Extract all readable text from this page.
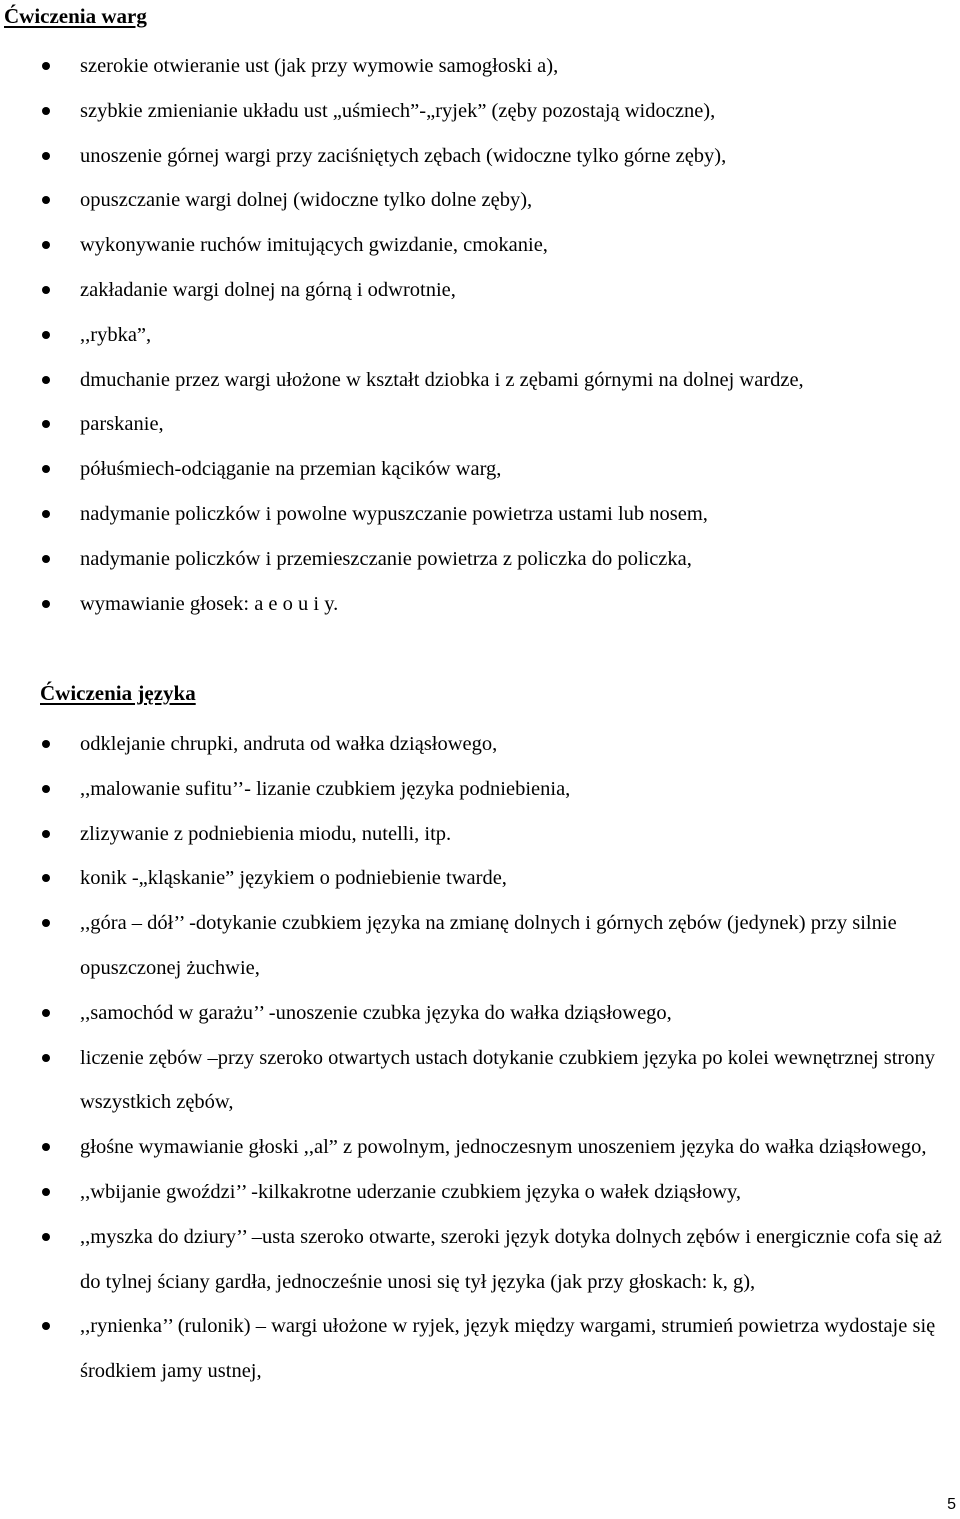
Ćwiczenia warg
szerokie otwieranie ust (jak przy wymowie samogłoski a),
szybkie zmienianie układu ust „uśmiech”-„ryjek” (zęby pozostają widoczne),
unoszenie górnej wargi przy zaciśniętych zębach (widoczne tylko górne zęby),
opuszczanie wargi dolnej (widoczne tylko dolne zęby),
wykonywanie ruchów imitujących gwizdanie, cmokanie,
zakładanie wargi dolnej na górną i odwrotnie,
,,rybka”,
dmuchanie przez wargi ułożone w kształt dziobka i z zębami górnymi na dolnej wardze,
parskanie,
półuśmiech-odciąganie na przemian kącików warg,
nadymanie policzków i powolne wypuszczanie powietrza ustami lub nosem,
nadymanie policzków i przemieszczanie powietrza z policzka do policzka,
wymawianie głosek: a e o u i y.
Ćwiczenia języka
odklejanie chrupki, andruta od wałka dziąsłowego,
,,malowanie sufitu’’- lizanie czubkiem języka podniebienia,
zlizywanie z podniebienia miodu, nutelli, itp.
konik -„kląskanie” językiem o podniebienie twarde,
,,góra – dół’’ -dotykanie czubkiem języka na zmianę dolnych i górnych zębów (jedynek) przy silnie opuszczonej żuchwie,
,,samochód w garażu’’ -unoszenie czubka języka do wałka dziąsłowego,
liczenie zębów –przy szeroko otwartych ustach dotykanie czubkiem języka po kolei wewnętrznej strony wszystkich zębów,
głośne wymawianie głoski ,,al” z powolnym, jednoczesnym unoszeniem języka do wałka dziąsłowego,
,,wbijanie gwoździ’’ -kilkakrotne uderzanie czubkiem języka o wałek dziąsłowy,
,,myszka do dziury’’ –usta szeroko otwarte, szeroki język dotyka dolnych zębów i energicznie cofa się aż do tylnej ściany gardła, jednocześnie unosi się tył języka (jak przy głoskach: k, g),
,,rynienka’’ (rulonik) – wargi ułożone w ryjek, język między wargami, strumień powietrza wydostaje się środkiem jamy ustnej,
5
